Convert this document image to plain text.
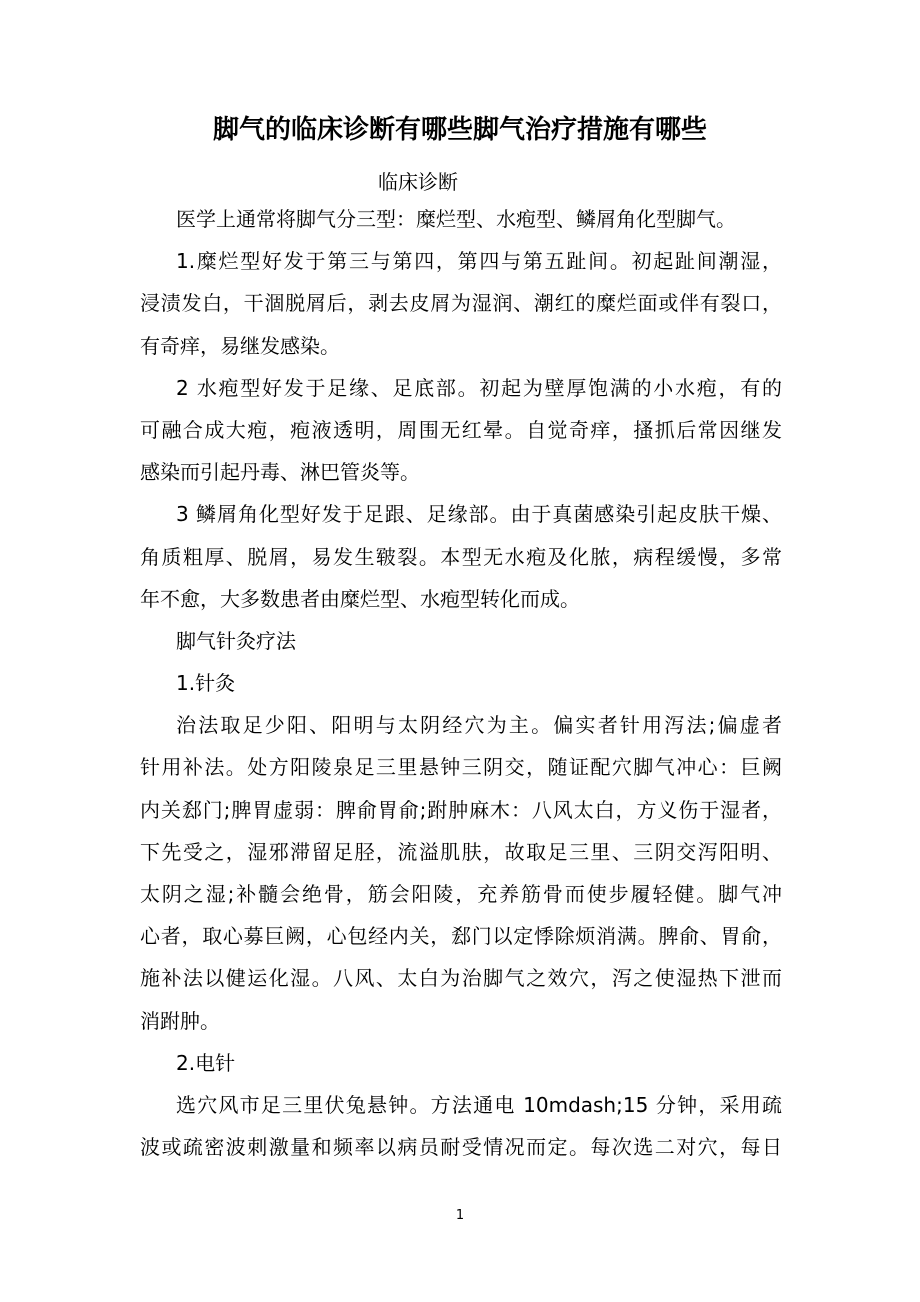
脚气的临床诊断有哪些脚气治疗措施有哪些
临床诊断
医学上通常将脚气分三型：糜烂型、水疱型、鳞屑角化型脚气。
1.糜烂型好发于第三与第四，第四与第五趾间。初起趾间潮湿，
浸渍发白，干涸脱屑后，剥去皮屑为湿润、潮红的糜烂面或伴有裂口，
有奇痒，易继发感染。
2 水疱型好发于足缘、足底部。初起为壁厚饱满的小水疱，有的
可融合成大疱，疱液透明，周围无红晕。自觉奇痒，搔抓后常因继发
感染而引起丹毒、淋巴管炎等。
3 鳞屑角化型好发于足跟、足缘部。由于真菌感染引起皮肤干燥、
角质粗厚、脱屑，易发生皲裂。本型无水疱及化脓，病程缓慢，多常
年不愈，大多数患者由糜烂型、水疱型转化而成。
脚气针灸疗法
1.针灸
治法取足少阳、阳明与太阴经穴为主。偏实者针用泻法;偏虚者
针用补法。处方阳陵泉足三里悬钟三阴交，随证配穴脚气冲心：巨阙
内关郄门;脾胃虚弱：脾俞胃俞;跗肿麻木：八风太白，方义伤于湿者，
下先受之，湿邪滞留足胫，流溢肌肤，故取足三里、三阴交泻阳明、
太阴之湿;补髓会绝骨，筋会阳陵，充养筋骨而使步履轻健。脚气冲
心者，取心募巨阙，心包经内关，郄门以定悸除烦消满。脾俞、胃俞，
施补法以健运化湿。八风、太白为治脚气之效穴，泻之使湿热下泄而
消跗肿。
2.电针
选穴风市足三里伏兔悬钟。方法通电 10mdash;15 分钟，采用疏
波或疏密波刺激量和频率以病员耐受情况而定。每次选二对穴，每日
1
